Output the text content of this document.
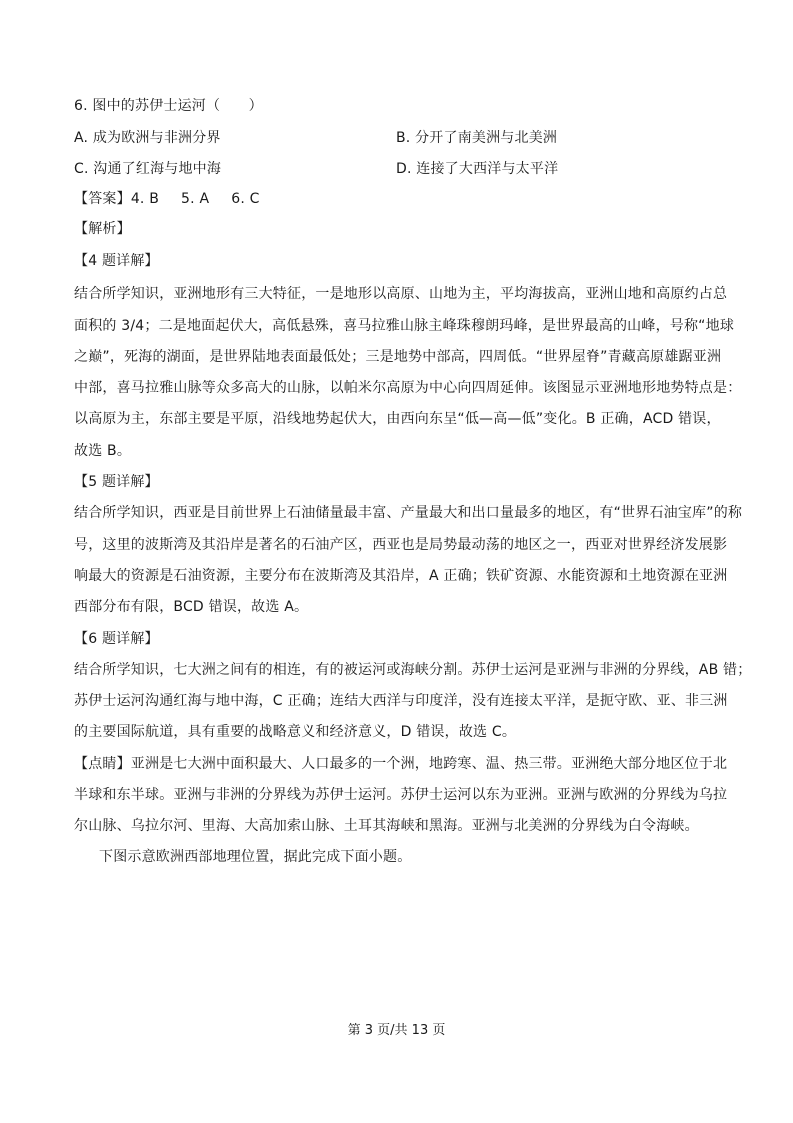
6. 图中的苏伊士运河（　　）
A. 成为欧洲与非洲分界	B. 分开了南美洲与北美洲
C. 沟通了红海与地中海	D. 连接了大西洋与太平洋
【答案】4. B 5. A 6. C
【解析】
【4 题详解】
结合所学知识，亚洲地形有三大特征，一是地形以高原、山地为主，平均海拔高，亚洲山地和高原约占总
面积的 3/4；二是地面起伏大，高低悬殊，喜马拉雅山脉主峰珠穆朗玛峰，是世界最高的山峰，号称“地球
之巅”，死海的湖面，是世界陆地表面最低处；三是地势中部高，四周低。“世界屋脊”青藏高原雄踞亚洲
中部，喜马拉雅山脉等众多高大的山脉，以帕米尔高原为中心向四周延伸。该图显示亚洲地形地势特点是：
以高原为主，东部主要是平原，沿线地势起伏大，由西向东呈“低—高—低”变化。B 正确，ACD 错误，
故选 B。
【5 题详解】
结合所学知识，西亚是目前世界上石油储量最丰富、产量最大和出口量最多的地区，有“世界石油宝库”的称
号，这里的波斯湾及其沿岸是著名的石油产区，西亚也是局势最动荡的地区之一，西亚对世界经济发展影
响最大的资源是石油资源，主要分布在波斯湾及其沿岸，A 正确；铁矿资源、水能资源和土地资源在亚洲
西部分布有限，BCD 错误，故选 A。
【6 题详解】
结合所学知识，七大洲之间有的相连，有的被运河或海峡分割。苏伊士运河是亚洲与非洲的分界线，AB 错；
苏伊士运河沟通红海与地中海，C 正确；连结大西洋与印度洋，没有连接太平洋，是扼守欧、亚、非三洲
的主要国际航道，具有重要的战略意义和经济意义，D 错误，故选 C。
【点睛】亚洲是七大洲中面积最大、人口最多的一个洲，地跨寒、温、热三带。亚洲绝大部分地区位于北
半球和东半球。亚洲与非洲的分界线为苏伊士运河。苏伊士运河以东为亚洲。亚洲与欧洲的分界线为乌拉
尔山脉、乌拉尔河、里海、大高加索山脉、土耳其海峡和黑海。亚洲与北美洲的分界线为白令海峡。
下图示意欧洲西部地理位置，据此完成下面小题。
第 3 页/共 13 页
